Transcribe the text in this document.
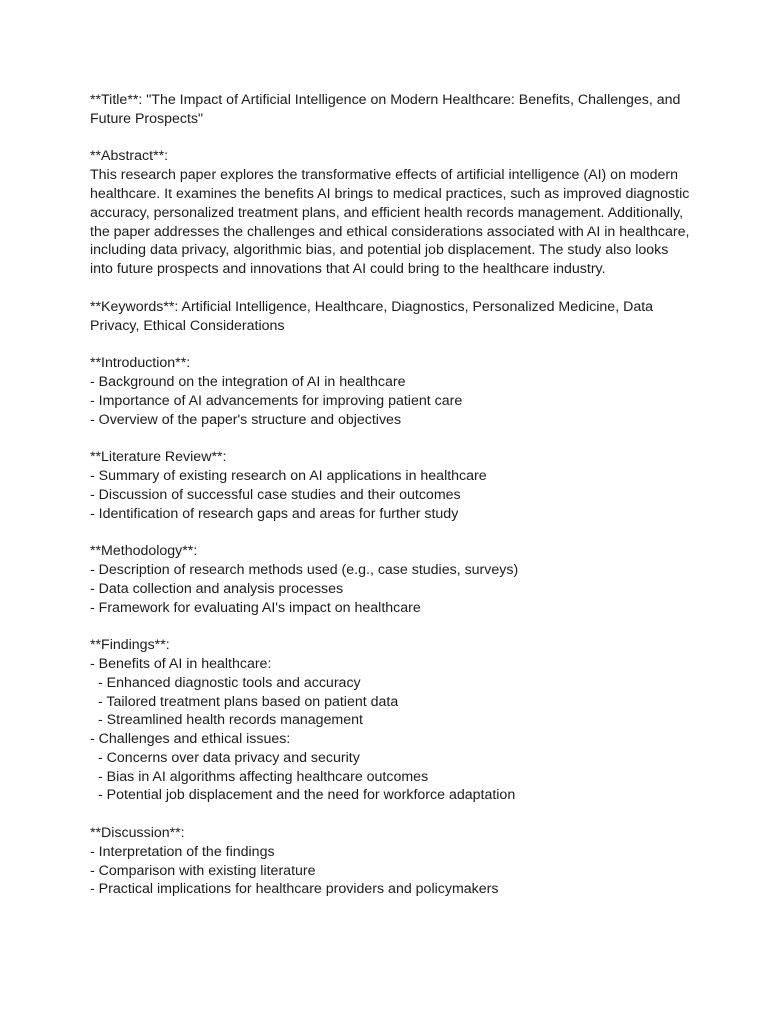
**Title**: "The Impact of Artificial Intelligence on Modern Healthcare: Benefits, Challenges, and
Future Prospects"
**Abstract**:
This research paper explores the transformative effects of artificial intelligence (AI) on modern
healthcare. It examines the benefits AI brings to medical practices, such as improved diagnostic
accuracy, personalized treatment plans, and efficient health records management. Additionally,
the paper addresses the challenges and ethical considerations associated with AI in healthcare,
including data privacy, algorithmic bias, and potential job displacement. The study also looks
into future prospects and innovations that AI could bring to the healthcare industry.
**Keywords**: Artificial Intelligence, Healthcare, Diagnostics, Personalized Medicine, Data
Privacy, Ethical Considerations
**Introduction**:
- Background on the integration of AI in healthcare
- Importance of AI advancements for improving patient care
- Overview of the paper's structure and objectives
**Literature Review**:
- Summary of existing research on AI applications in healthcare
- Discussion of successful case studies and their outcomes
- Identification of research gaps and areas for further study
**Methodology**:
- Description of research methods used (e.g., case studies, surveys)
- Data collection and analysis processes
- Framework for evaluating AI's impact on healthcare
**Findings**:
- Benefits of AI in healthcare:
- Enhanced diagnostic tools and accuracy
- Tailored treatment plans based on patient data
- Streamlined health records management
- Challenges and ethical issues:
- Concerns over data privacy and security
- Bias in AI algorithms affecting healthcare outcomes
- Potential job displacement and the need for workforce adaptation
**Discussion**:
- Interpretation of the findings
- Comparison with existing literature
- Practical implications for healthcare providers and policymakers
